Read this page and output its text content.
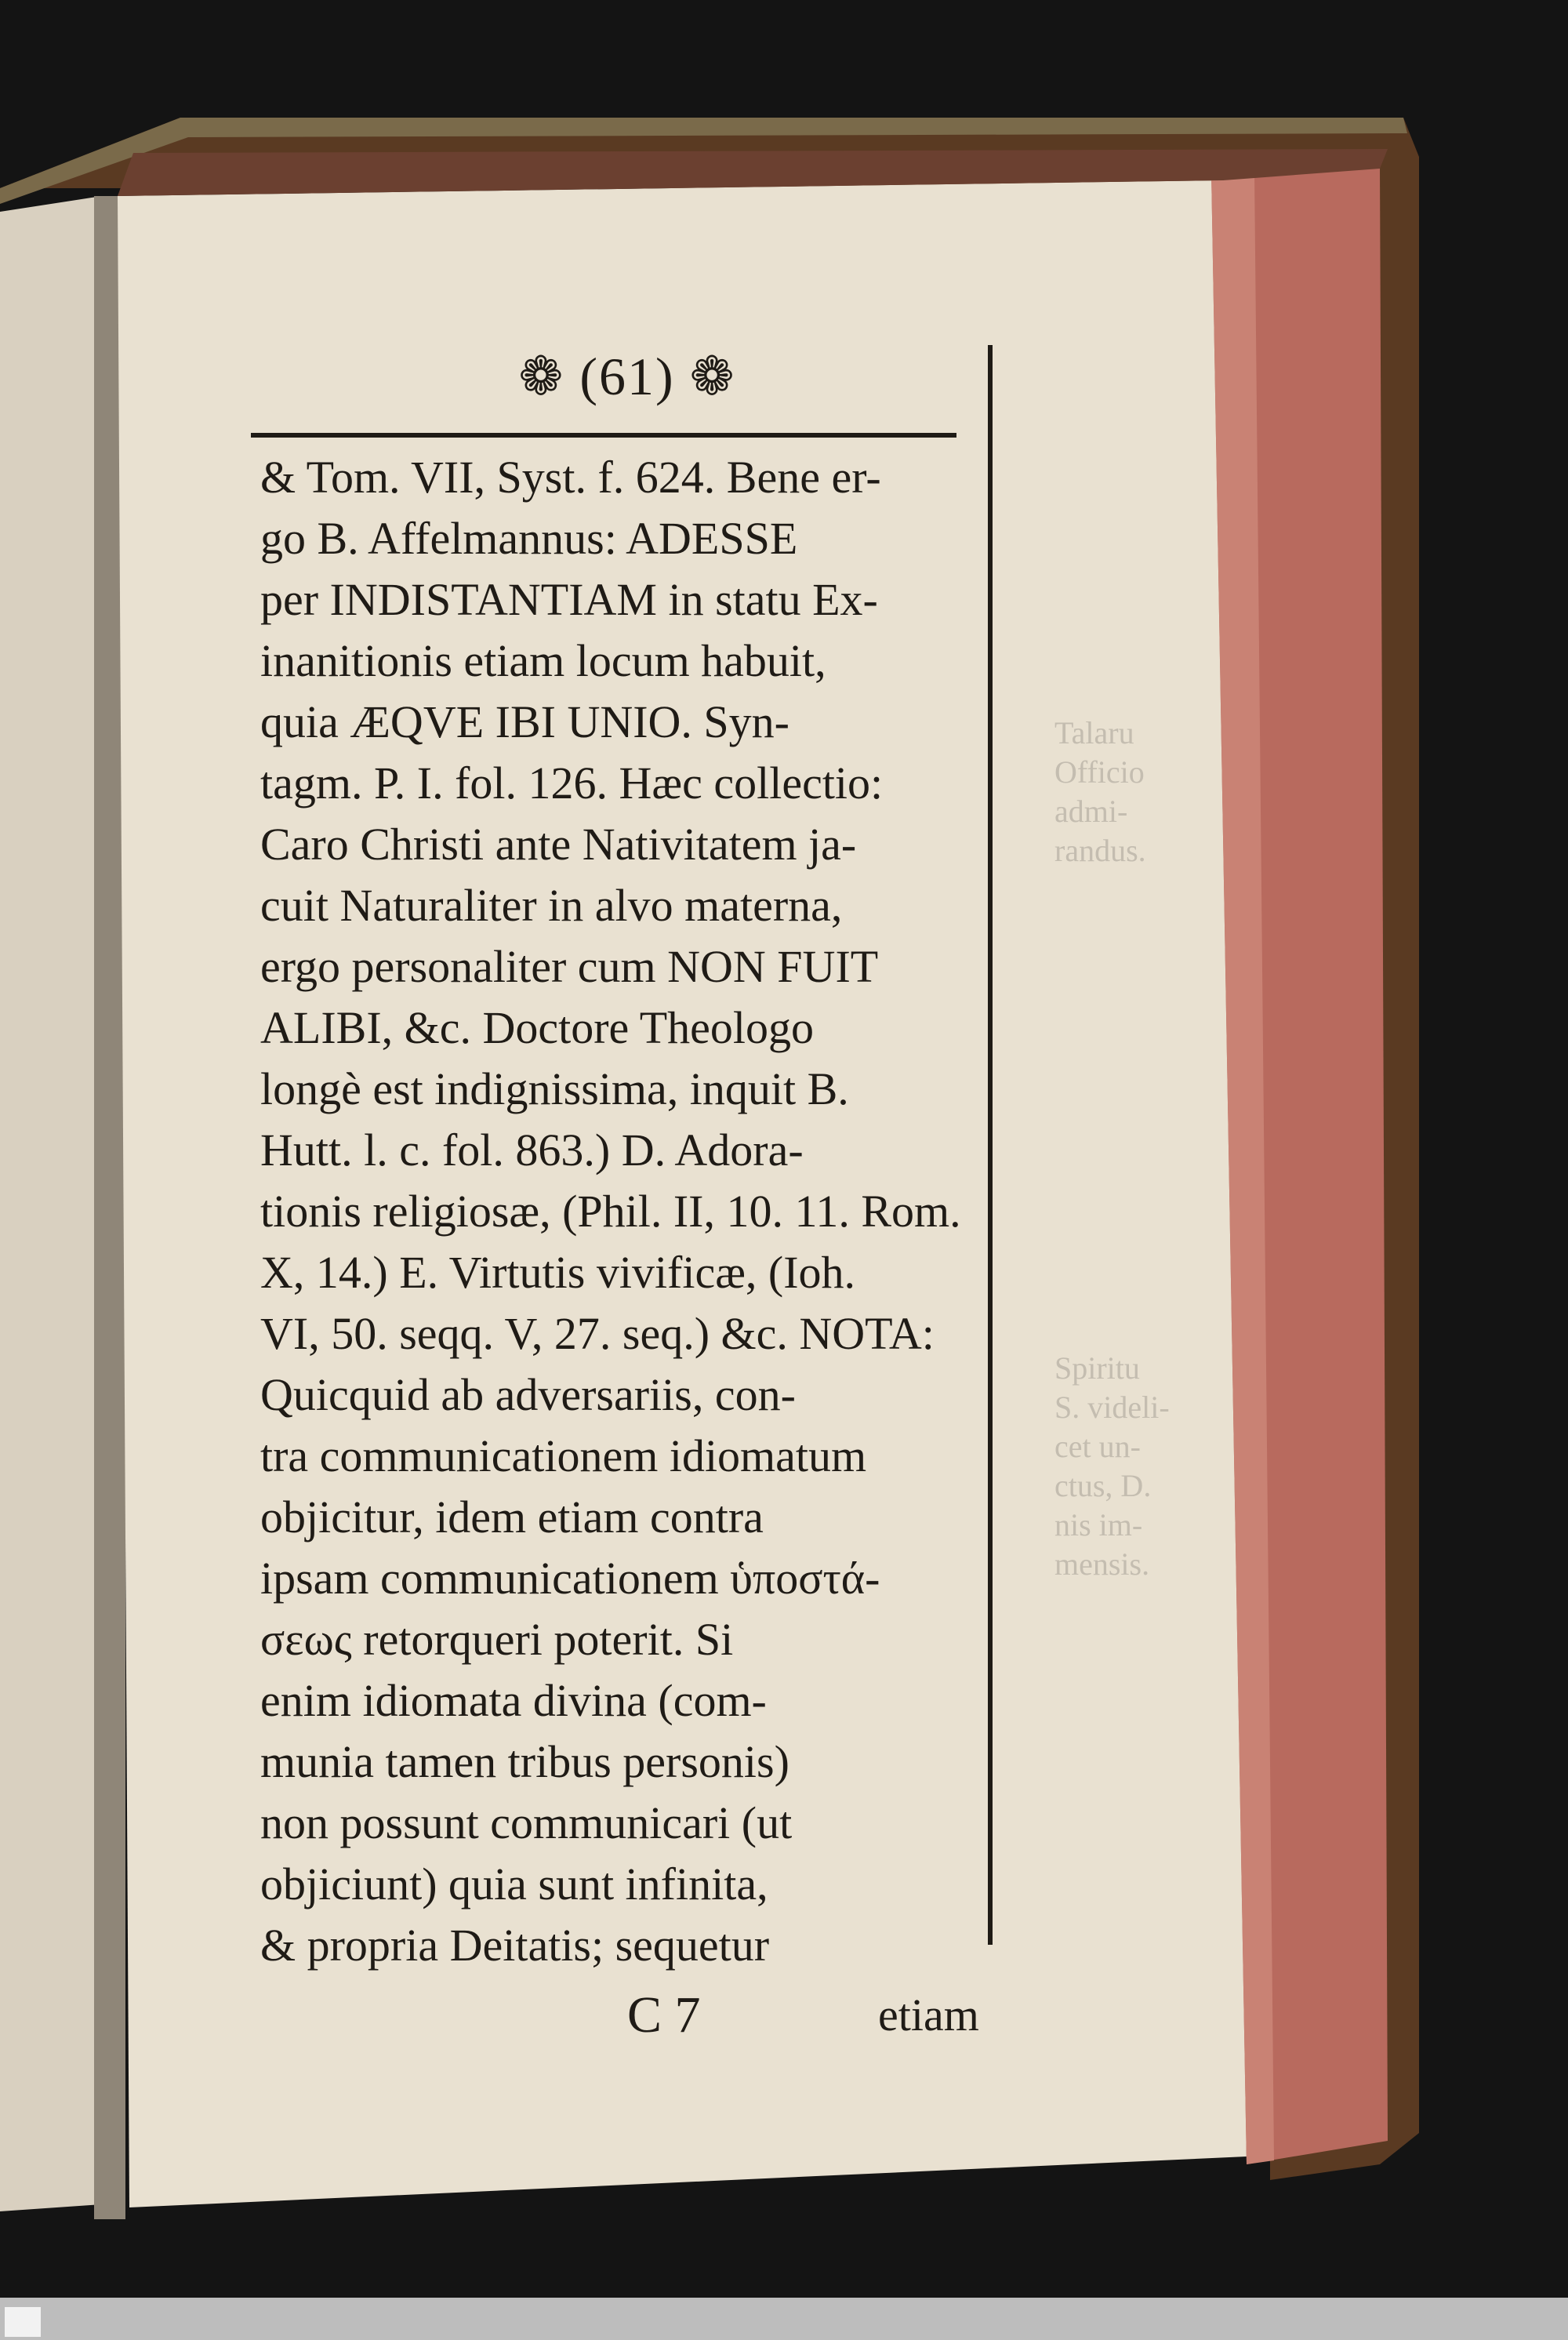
Talaru
Officio
admi-
randus.
Spiritu
S. videli-
cet un-
ctus, D.
nis im-
mensis.
❁ (61) ❁
& Tom. VII, Syst. f. 624. Bene er-
go B. Affelmannus: ADESSE
per INDISTANTIAM in statu Ex-
inanitionis etiam locum habuit,
quia ÆQVE IBI UNIO. Syn-
tagm. P. I. fol. 126. Hæc collectio:
Caro Christi ante Nativitatem ja-
cuit Naturaliter in alvo materna,
ergo personaliter cum NON FUIT
ALIBI, &c. Doctore Theologo
longè est indignissima, inquit B.
Hutt. l. c. fol. 863.) D. Adora-
tionis religiosæ, (Phil. II, 10. 11. Rom.
X, 14.) E. Virtutis vivificæ, (Ioh.
VI, 50. seqq. V, 27. seq.) &c. NOTA:
Quicquid ab adversariis, con-
tra communicationem idiomatum
objicitur, idem etiam contra
ipsam communicationem ὑποστά-
σεως retorqueri poterit. Si
enim idiomata divina (com-
munia tamen tribus personis)
non possunt communicari (ut
objiciunt) quia sunt infinita,
& propria Deitatis; sequetur
C 7	etiam
